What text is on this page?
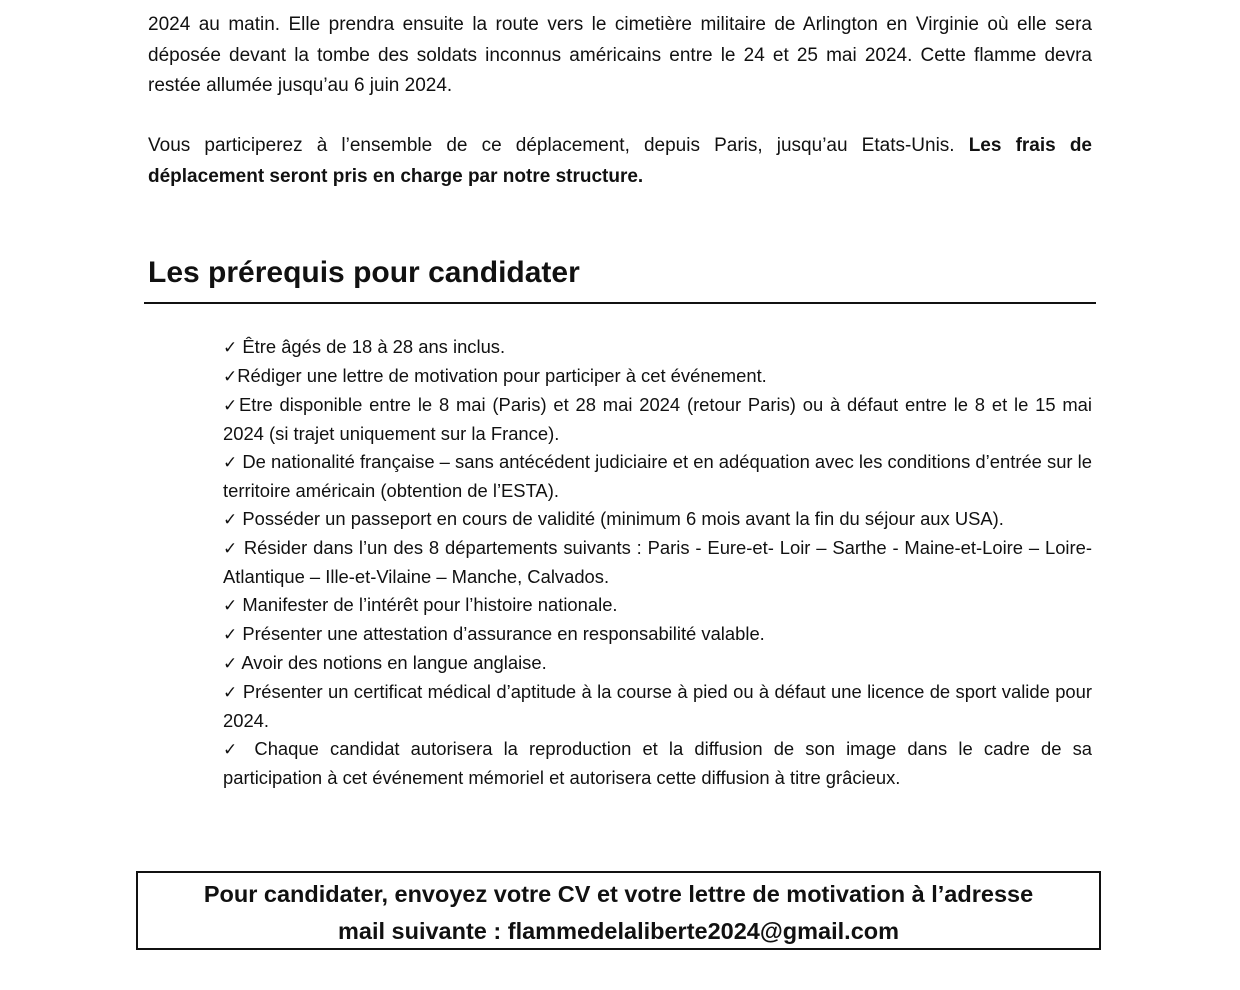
2024 au matin. Elle prendra ensuite la route vers le cimetière militaire de Arlington en Virginie où elle sera déposée devant la tombe des soldats inconnus américains entre le 24 et 25 mai 2024. Cette flamme devra restée allumée jusqu’au 6 juin 2024.

Vous participerez à l’ensemble de ce déplacement, depuis Paris, jusqu’au Etats-Unis. Les frais de déplacement seront pris en charge par notre structure.

Les prérequis pour candidater
✓ Être âgés de 18 à 28 ans inclus.
✓Rédiger une lettre de motivation pour participer à cet événement.
✓Etre disponible entre le 8 mai (Paris) et 28 mai 2024 (retour Paris) ou à défaut entre le 8 et le 15 mai 2024 (si trajet uniquement sur la France).
✓ De nationalité française – sans antécédent judiciaire et en adéquation avec les conditions d’entrée sur le territoire américain (obtention de l’ESTA).
✓ Posséder un passeport en cours de validité (minimum 6 mois avant la fin du séjour aux USA).
✓ Résider dans l’un des 8 départements suivants : Paris - Eure-et- Loir – Sarthe - Maine-et-Loire – Loire-Atlantique – Ille-et-Vilaine – Manche, Calvados.
✓ Manifester de l’intérêt pour l’histoire nationale.
✓ Présenter une attestation d’assurance en responsabilité valable.
✓ Avoir des notions en langue anglaise.
✓ Présenter un certificat médical d’aptitude à la course à pied ou à défaut une licence de sport valide pour 2024.
✓ Chaque candidat autorisera la reproduction et la diffusion de son image dans le cadre de sa participation à cet événement mémoriel et autorisera cette diffusion à titre grâcieux.
Pour candidater, envoyez votre CV et votre lettre de motivation à l’adresse
mail suivante : flammedelaliberte2024@gmail.com
